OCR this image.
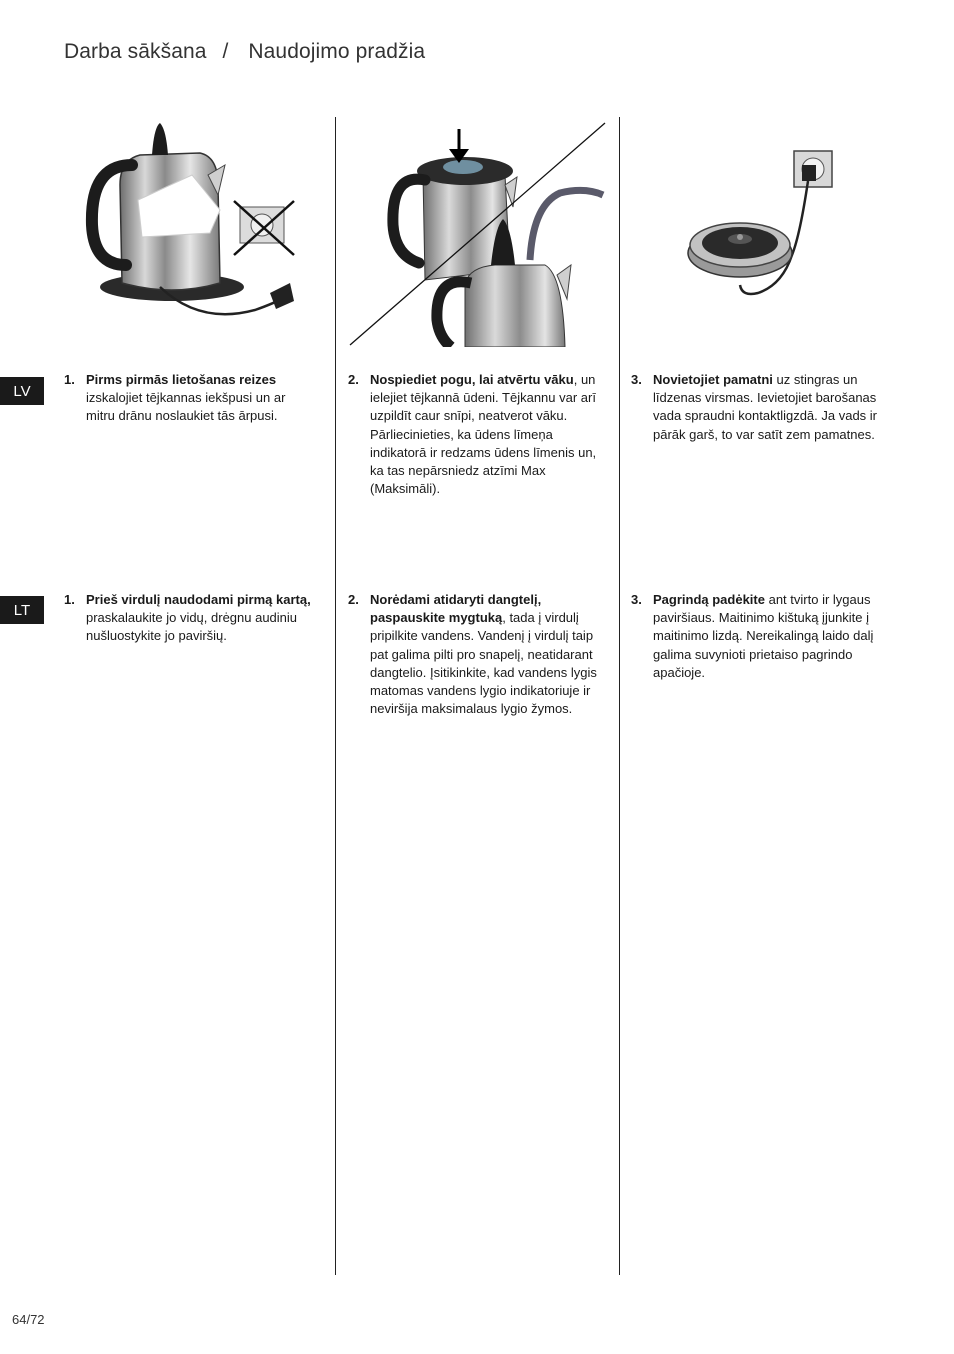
Darba sākšana / Naudojimo pradžia
LV
LT
1. Pirms pirmās lietošanas reizes izskalojiet tējkannas iekšpusi un ar mitru drānu noslaukiet tās ārpusi.
2. Nospiediet pogu, lai atvērtu vāku, un ielejiet tējkannā ūdeni. Tējkannu var arī uzpildīt caur snīpi, neatverot vāku. Pārliecinieties, ka ūdens līmeņa indikatorā ir redzams ūdens līmenis un, ka tas nepārsniedz atzīmi Max (Maksimāli).
3. Novietojiet pamatni uz stingras un līdzenas virsmas. Ievietojiet barošanas vada spraudni kontaktligzdā. Ja vads ir pārāk garš, to var satīt zem pamatnes.
1. Prieš virdulį naudodami pirmą kartą, praskalaukite jo vidų, drėgnu audiniu nušluostykite jo paviršių.
2. Norėdami atidaryti dangtelį, paspauskite mygtuką, tada į virdulį pripilkite vandens. Vandenį į virdulį taip pat galima pilti pro snapelį, neatidarant dangtelio. Įsitikinkite, kad vandens lygis matomas vandens lygio indikatoriuje ir neviršija maksimalaus lygio žymos.
3. Pagrindą padėkite ant tvirto ir lygaus paviršiaus. Maitinimo kištuką įjunkite į maitinimo lizdą. Nereikalingą laido dalį galima suvynioti prietaiso pagrindo apačioje.
64/72
